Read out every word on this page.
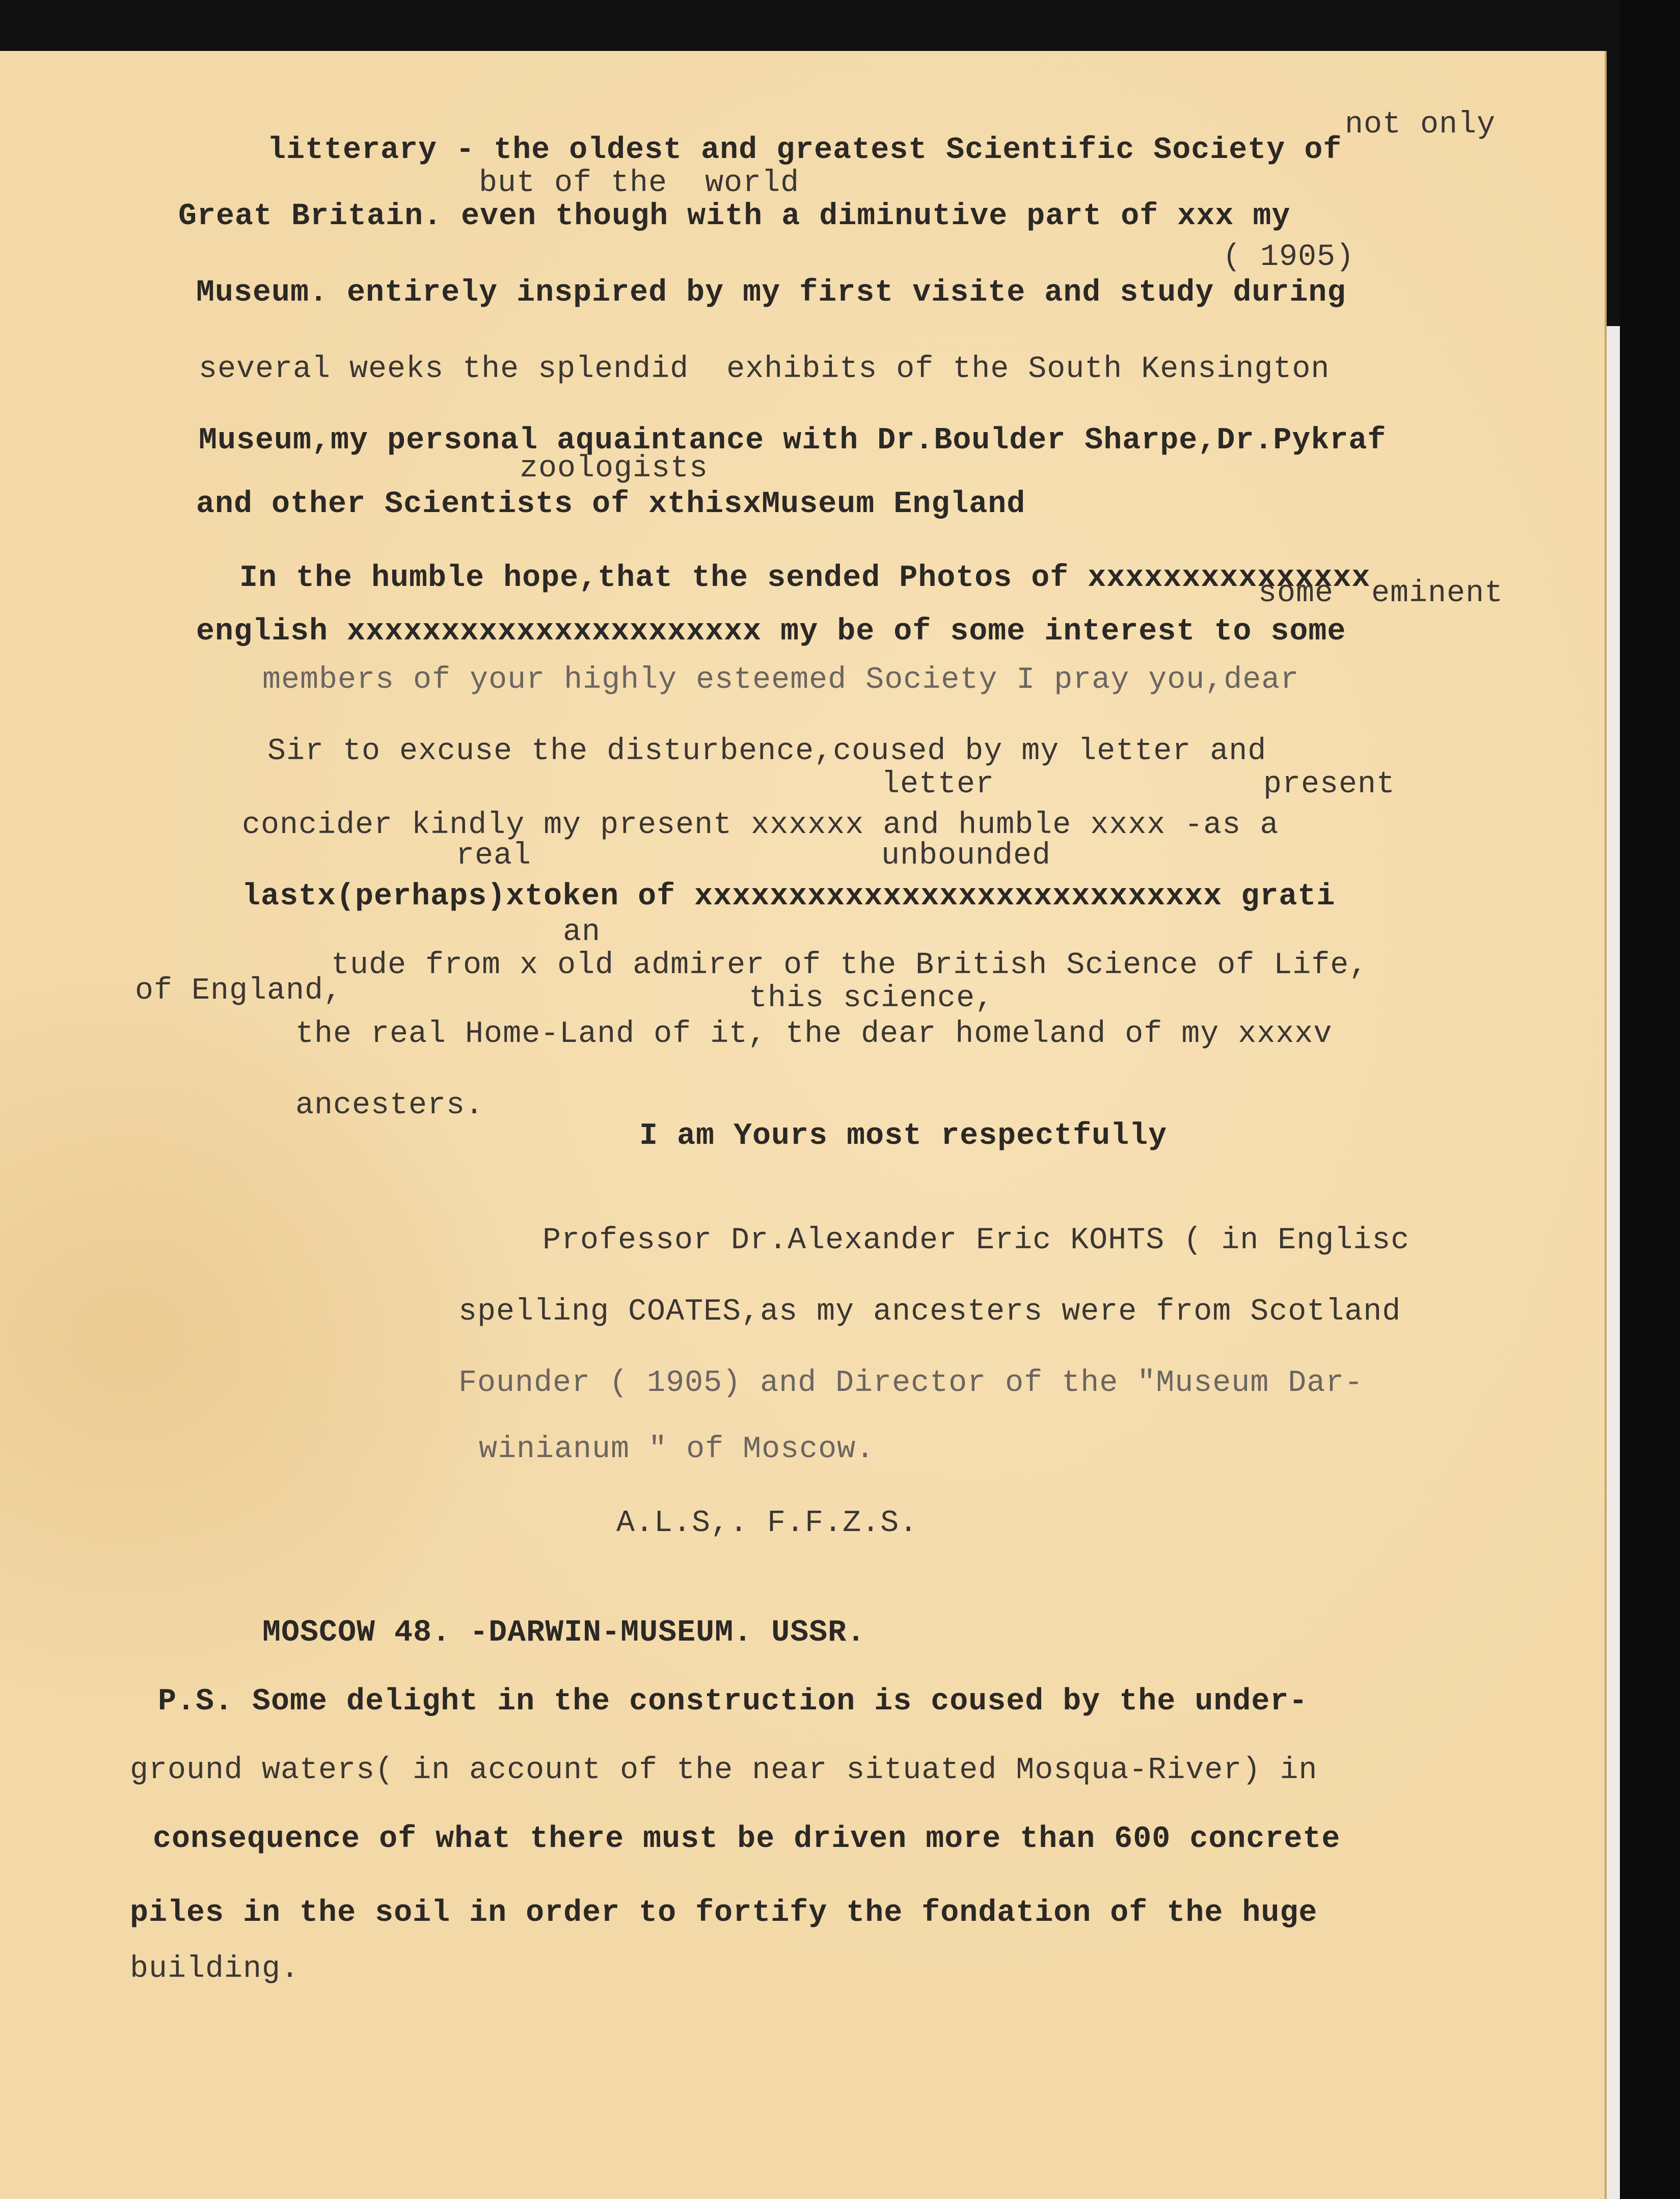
not only
litterary - the oldest and greatest Scientific Society of
but of the  world
Great Britain. even though with a diminutive part of xxx my
( 1905)
Museum. entirely inspired by my first visite and study during
several weeks the splendid  exhibits of the South Kensington
Museum,my personal aquaintance with Dr.Boulder Sharpe,Dr.Pykraf
zoologists
and other Scientists of xthisxMuseum England
In the humble hope,that the sended Photos of xxxxxxxxxxxxxxx
some  eminent
english xxxxxxxxxxxxxxxxxxxxxx my be of some interest to some
members of your highly esteemed Society I pray you,dear
Sir to excuse the disturbence,coused by my letter and
letter	present
concider kindly my present xxxxxx and humble xxxx -as a
real	unbounded
lastx(perhaps)xtoken of xxxxxxxxxxxxxxxxxxxxxxxxxxxx grati
an
tude from x old admirer of the British Science of Life,
of England,	this science,
the real Home-Land of it, the dear homeland of my xxxxv
ancesters.
I am Yours most respectfully
Professor Dr.Alexander Eric KOHTS ( in Englisc
spelling COATES,as my ancesters were from Scotland
Founder ( 1905) and Director of the "Museum Dar-
winianum " of Moscow.
A.L.S,. F.F.Z.S.
MOSCOW 48. -DARWIN-MUSEUM. USSR.
P.S. Some delight in the construction is coused by the under-
ground waters( in account of the near situated Mosqua-River) in
consequence of what there must be driven more than 600 concrete
piles in the soil in order to fortify the fondation of the huge
building.
